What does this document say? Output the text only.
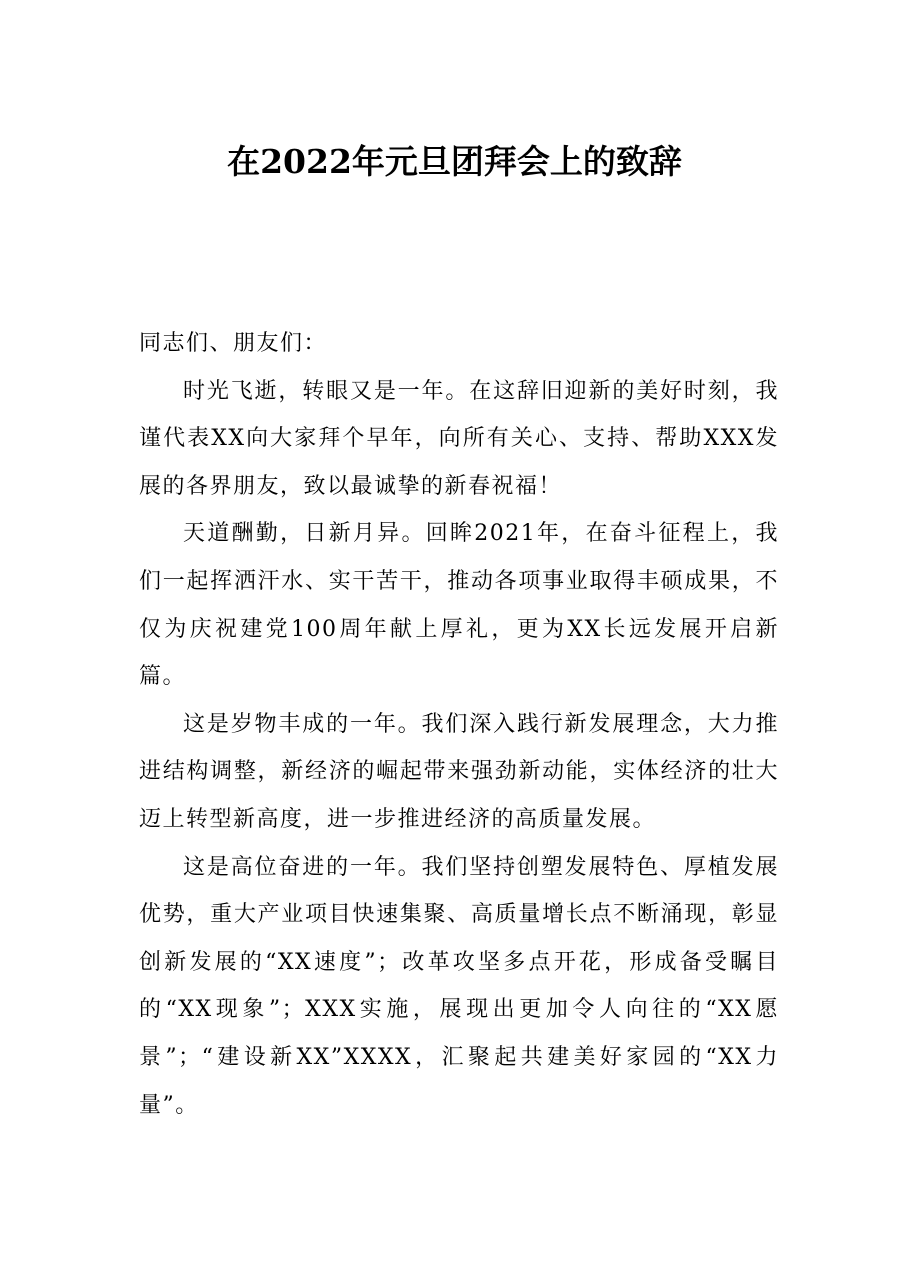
在2022年元旦团拜会上的致辞

同志们、朋友们：

时光飞逝，转眼又是一年。在这辞旧迎新的美好时刻，我谨代表XX向大家拜个早年，向所有关心、支持、帮助XXX发展的各界朋友，致以最诚挚的新春祝福！

天道酬勤，日新月异。回眸2021年，在奋斗征程上，我们一起挥洒汗水、实干苦干，推动各项事业取得丰硕成果，不仅为庆祝建党100周年献上厚礼，更为XX长远发展开启新篇。

这是岁物丰成的一年。我们深入践行新发展理念，大力推进结构调整，新经济的崛起带来强劲新动能，实体经济的壮大迈上转型新高度，进一步推进经济的高质量发展。

这是高位奋进的一年。我们坚持创塑发展特色、厚植发展优势，重大产业项目快速集聚、高质量增长点不断涌现，彰显创新发展的“XX速度”；改革攻坚多点开花，形成备受瞩目的“XX现象”；XXX实施，展现出更加令人向往的“XX愿景”；“建设新XX”XXXX，汇聚起共建美好家园的“XX力量”。
